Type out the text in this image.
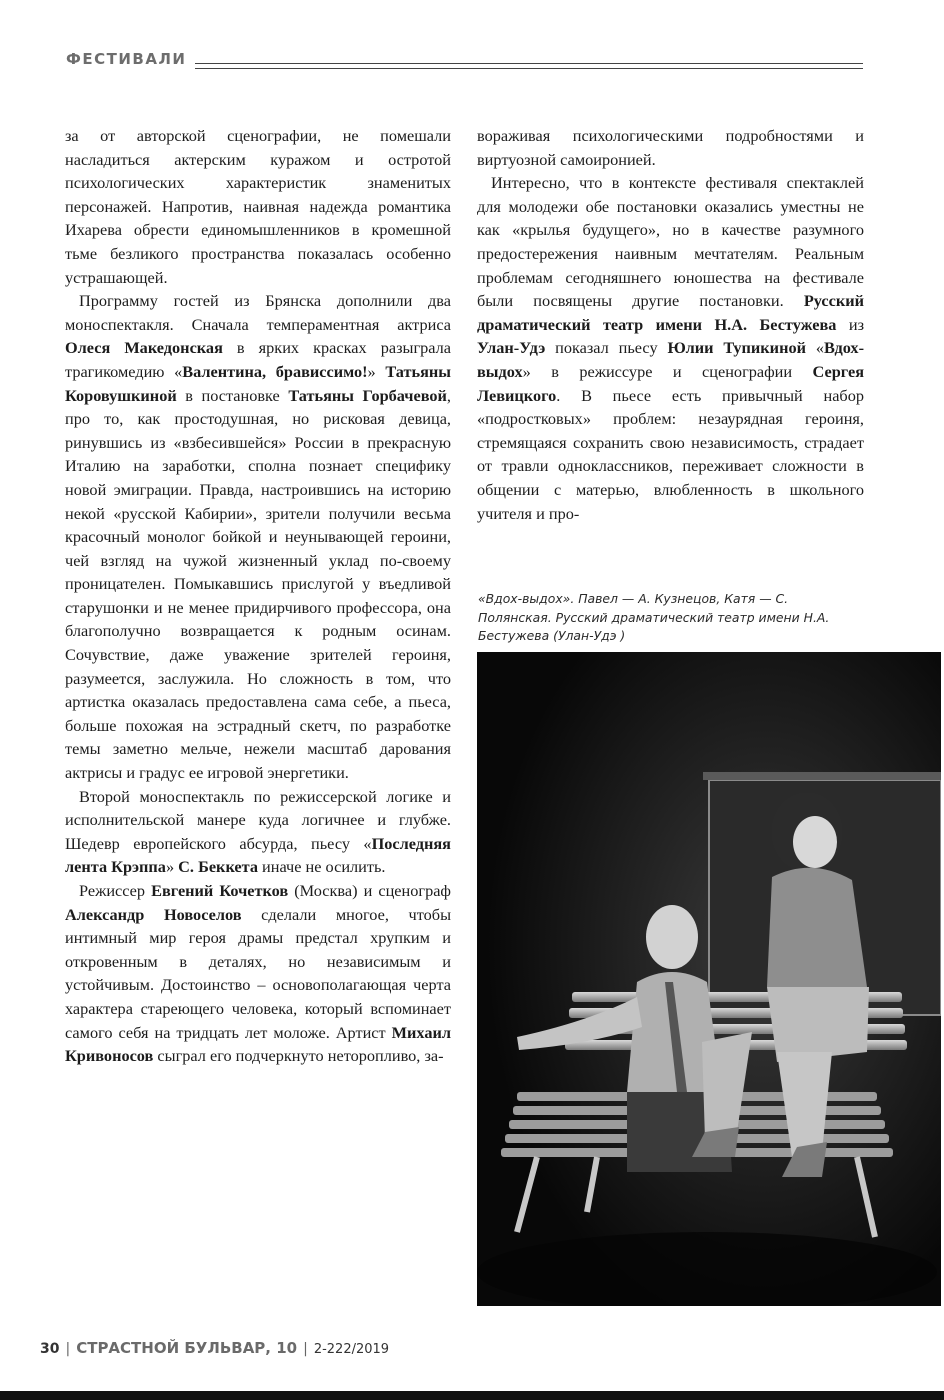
ФЕСТИВАЛИ

за от авторской сценографии, не помешали насладиться актерским куражом и остротой психологических характеристик знаменитых персонажей. Напротив, наивная надежда романтика Ихарева обрести единомышленников в кромешной тьме безликого пространства показалась особенно устрашающей.

Программу гостей из Брянска дополнили два моноспектакля. Сначала темпераментная актриса Олеся Македонская в ярких красках разыграла трагикомедию «Валентина, брависсимо!» Татьяны Коровушкиной в постановке Татьяны Горбачевой, про то, как простодушная, но рисковая девица, ринувшись из «взбесившейся» России в прекрасную Италию на заработки, сполна познает специфику новой эмиграции. Правда, настроившись на историю некой «русской Кабирии», зрители получили весьма красочный монолог бойкой и неунывающей героини, чей взгляд на чужой жизненный уклад по-своему проницателен. Помыкавшись прислугой у въедливой старушонки и не менее придирчивого профессора, она благополучно возвращается к родным осинам. Сочувствие, даже уважение зрителей героиня, разумеется, заслужила. Но сложность в том, что артистка оказалась предоставлена сама себе, а пьеса, больше похожая на эстрадный скетч, по разработке темы заметно мельче, нежели масштаб дарования актрисы и градус ее игровой энергетики.

Второй моноспектакль по режиссерской логике и исполнительской манере куда логичнее и глубже. Шедевр европейского абсурда, пьесу «Последняя лента Крэппа» С. Беккета иначе не осилить.

Режиссер Евгений Кочетков (Москва) и сценограф Александр Новоселов сделали многое, чтобы интимный мир героя драмы предстал хрупким и откровенным в деталях, но независимым и устойчивым. Достоинство – основополагающая черта характера стареющего человека, который вспоминает самого себя на тридцать лет моложе. Артист Михаил Кривоносов сыграл его подчеркнуто неторопливо, за-

вораживая психологическими подробностями и виртуозной самоиронией.

Интересно, что в контексте фестиваля спектаклей для молодежи обе постановки оказались уместны не как «крылья будущего», но в качестве разумного предостережения наивным мечтателям. Реальным проблемам сегодняшнего юношества на фестивале были посвящены другие постановки. Русский драматический театр имени Н.А. Бестужева из Улан-Удэ показал пьесу Юлии Тупикиной «Вдох-выдох» в режиссуре и сценографии Сергея Левицкого. В пьесе есть привычный набор «подростковых» проблем: незаурядная героиня, стремящаяся сохранить свою независимость, страдает от травли одноклассников, переживает сложности в общении с матерью, влюбленность в школьного учителя и про-

«Вдох-выдох». Павел — А. Кузнецов, Катя — С. Полянская. Русский драматический театр имени Н.А. Бестужева (Улан-Удэ )
30 | СТРАСТНОЙ БУЛЬВАР, 10 | 2-222/2019
